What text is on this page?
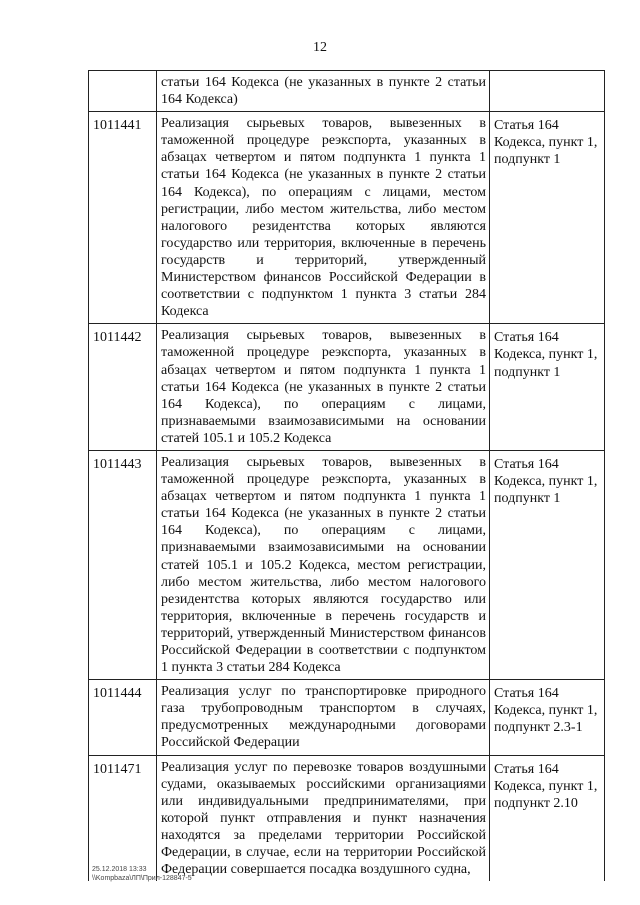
12
	статьи 164 Кодекса (не указанных в пункте 2 статьи 164 Кодекса)	
1011441	Реализация сырьевых товаров, вывезенных в таможенной процедуре реэкспорта, указанных в абзацах четвертом и пятом подпункта 1 пункта 1 статьи 164 Кодекса (не указанных в пункте 2 статьи 164 Кодекса), по операциям с лицами, местом регистрации, либо местом жительства, либо местом налогового резидентства которых являются государство или территория, включенные в перечень государств и территорий, утвержденный Министерством финансов Российской Федерации в соответствии с подпунктом 1 пункта 3 статьи 284 Кодекса	Статья 164 Кодекса, пункт 1, подпункт 1
1011442	Реализация сырьевых товаров, вывезенных в таможенной процедуре реэкспорта, указанных в абзацах четвертом и пятом подпункта 1 пункта 1 статьи 164 Кодекса (не указанных в пункте 2 статьи 164 Кодекса), по операциям с лицами, признаваемыми взаимозависимыми на основании статей 105.1 и 105.2 Кодекса	Статья 164 Кодекса, пункт 1, подпункт 1
1011443	Реализация сырьевых товаров, вывезенных в таможенной процедуре реэкспорта, указанных в абзацах четвертом и пятом подпункта 1 пункта 1 статьи 164 Кодекса (не указанных в пункте 2 статьи 164 Кодекса), по операциям с лицами, признаваемыми взаимозависимыми на основании статей 105.1 и 105.2 Кодекса, местом регистрации, либо местом жительства, либо местом налогового резидентства которых являются государство или территория, включенные в перечень государств и территорий, утвержденный Министерством финансов Российской Федерации в соответствии с подпунктом 1 пункта 3 статьи 284 Кодекса	Статья 164 Кодекса, пункт 1, подпункт 1
1011444	Реализация услуг по транспортировке природного газа трубопроводным транспортом в случаях, предусмотренных международными договорами Российской Федерации	Статья 164 Кодекса, пункт 1, подпункт 2.3-1
1011471	Реализация услуг по перевозке товаров воздушными судами, оказываемых российскими организациями или индивидуальными предпринимателями, при которой пункт отправления и пункт назначения находятся за пределами территории Российской Федерации, в случае, если на территории Российской Федерации совершается посадка воздушного судна,	Статья 164 Кодекса, пункт 1, подпункт 2.10
25.12.2018 13:33
\\Kompbaza\ЛП\Прил-128847-5
